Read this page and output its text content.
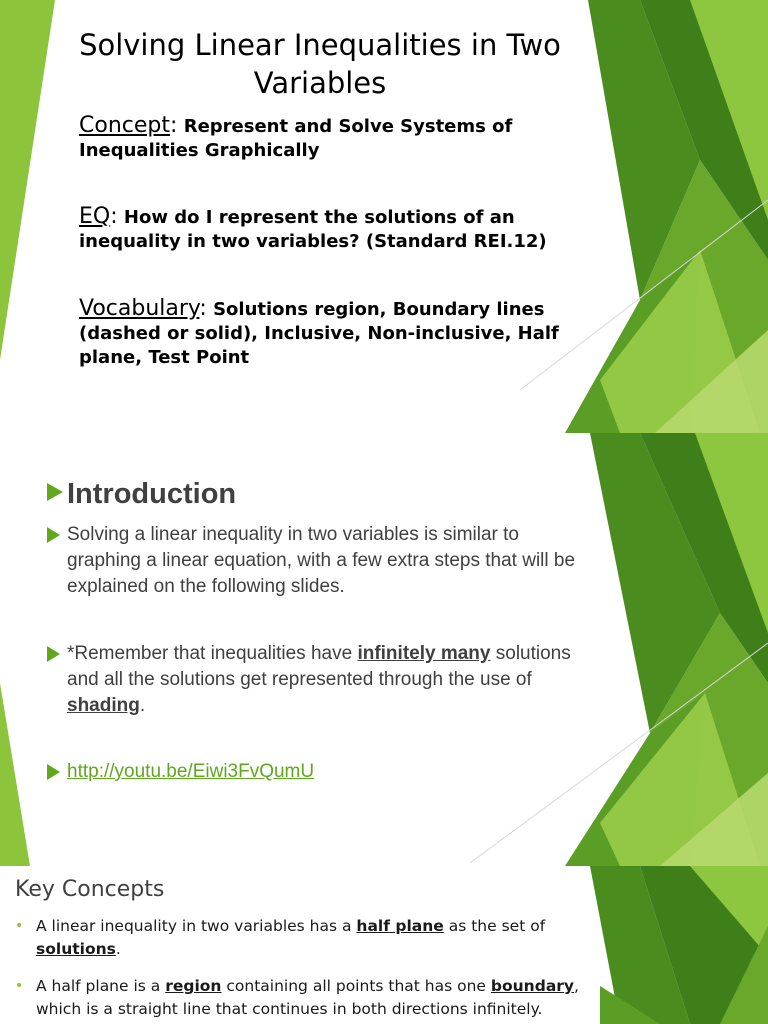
Solving Linear Inequalities in Two Variables

Concept: Represent and Solve Systems of Inequalities Graphically

EQ: How do I represent the solutions of an inequality in two variables? (Standard REI.12)

Vocabulary: Solutions region, Boundary lines (dashed or solid), Inclusive, Non-inclusive, Half plane, Test Point

Introduction

Solving a linear inequality in two variables is similar to graphing a linear equation, with a few extra steps that will be explained on the following slides.

*Remember that inequalities have infinitely many solutions and all the solutions get represented through the use of shading.

http://youtu.be/Eiwi3FvQumU

Key Concepts

• A linear inequality in two variables has a half plane as the set of solutions.

• A half plane is a region containing all points that has one boundary, which is a straight line that continues in both directions infinitely.
